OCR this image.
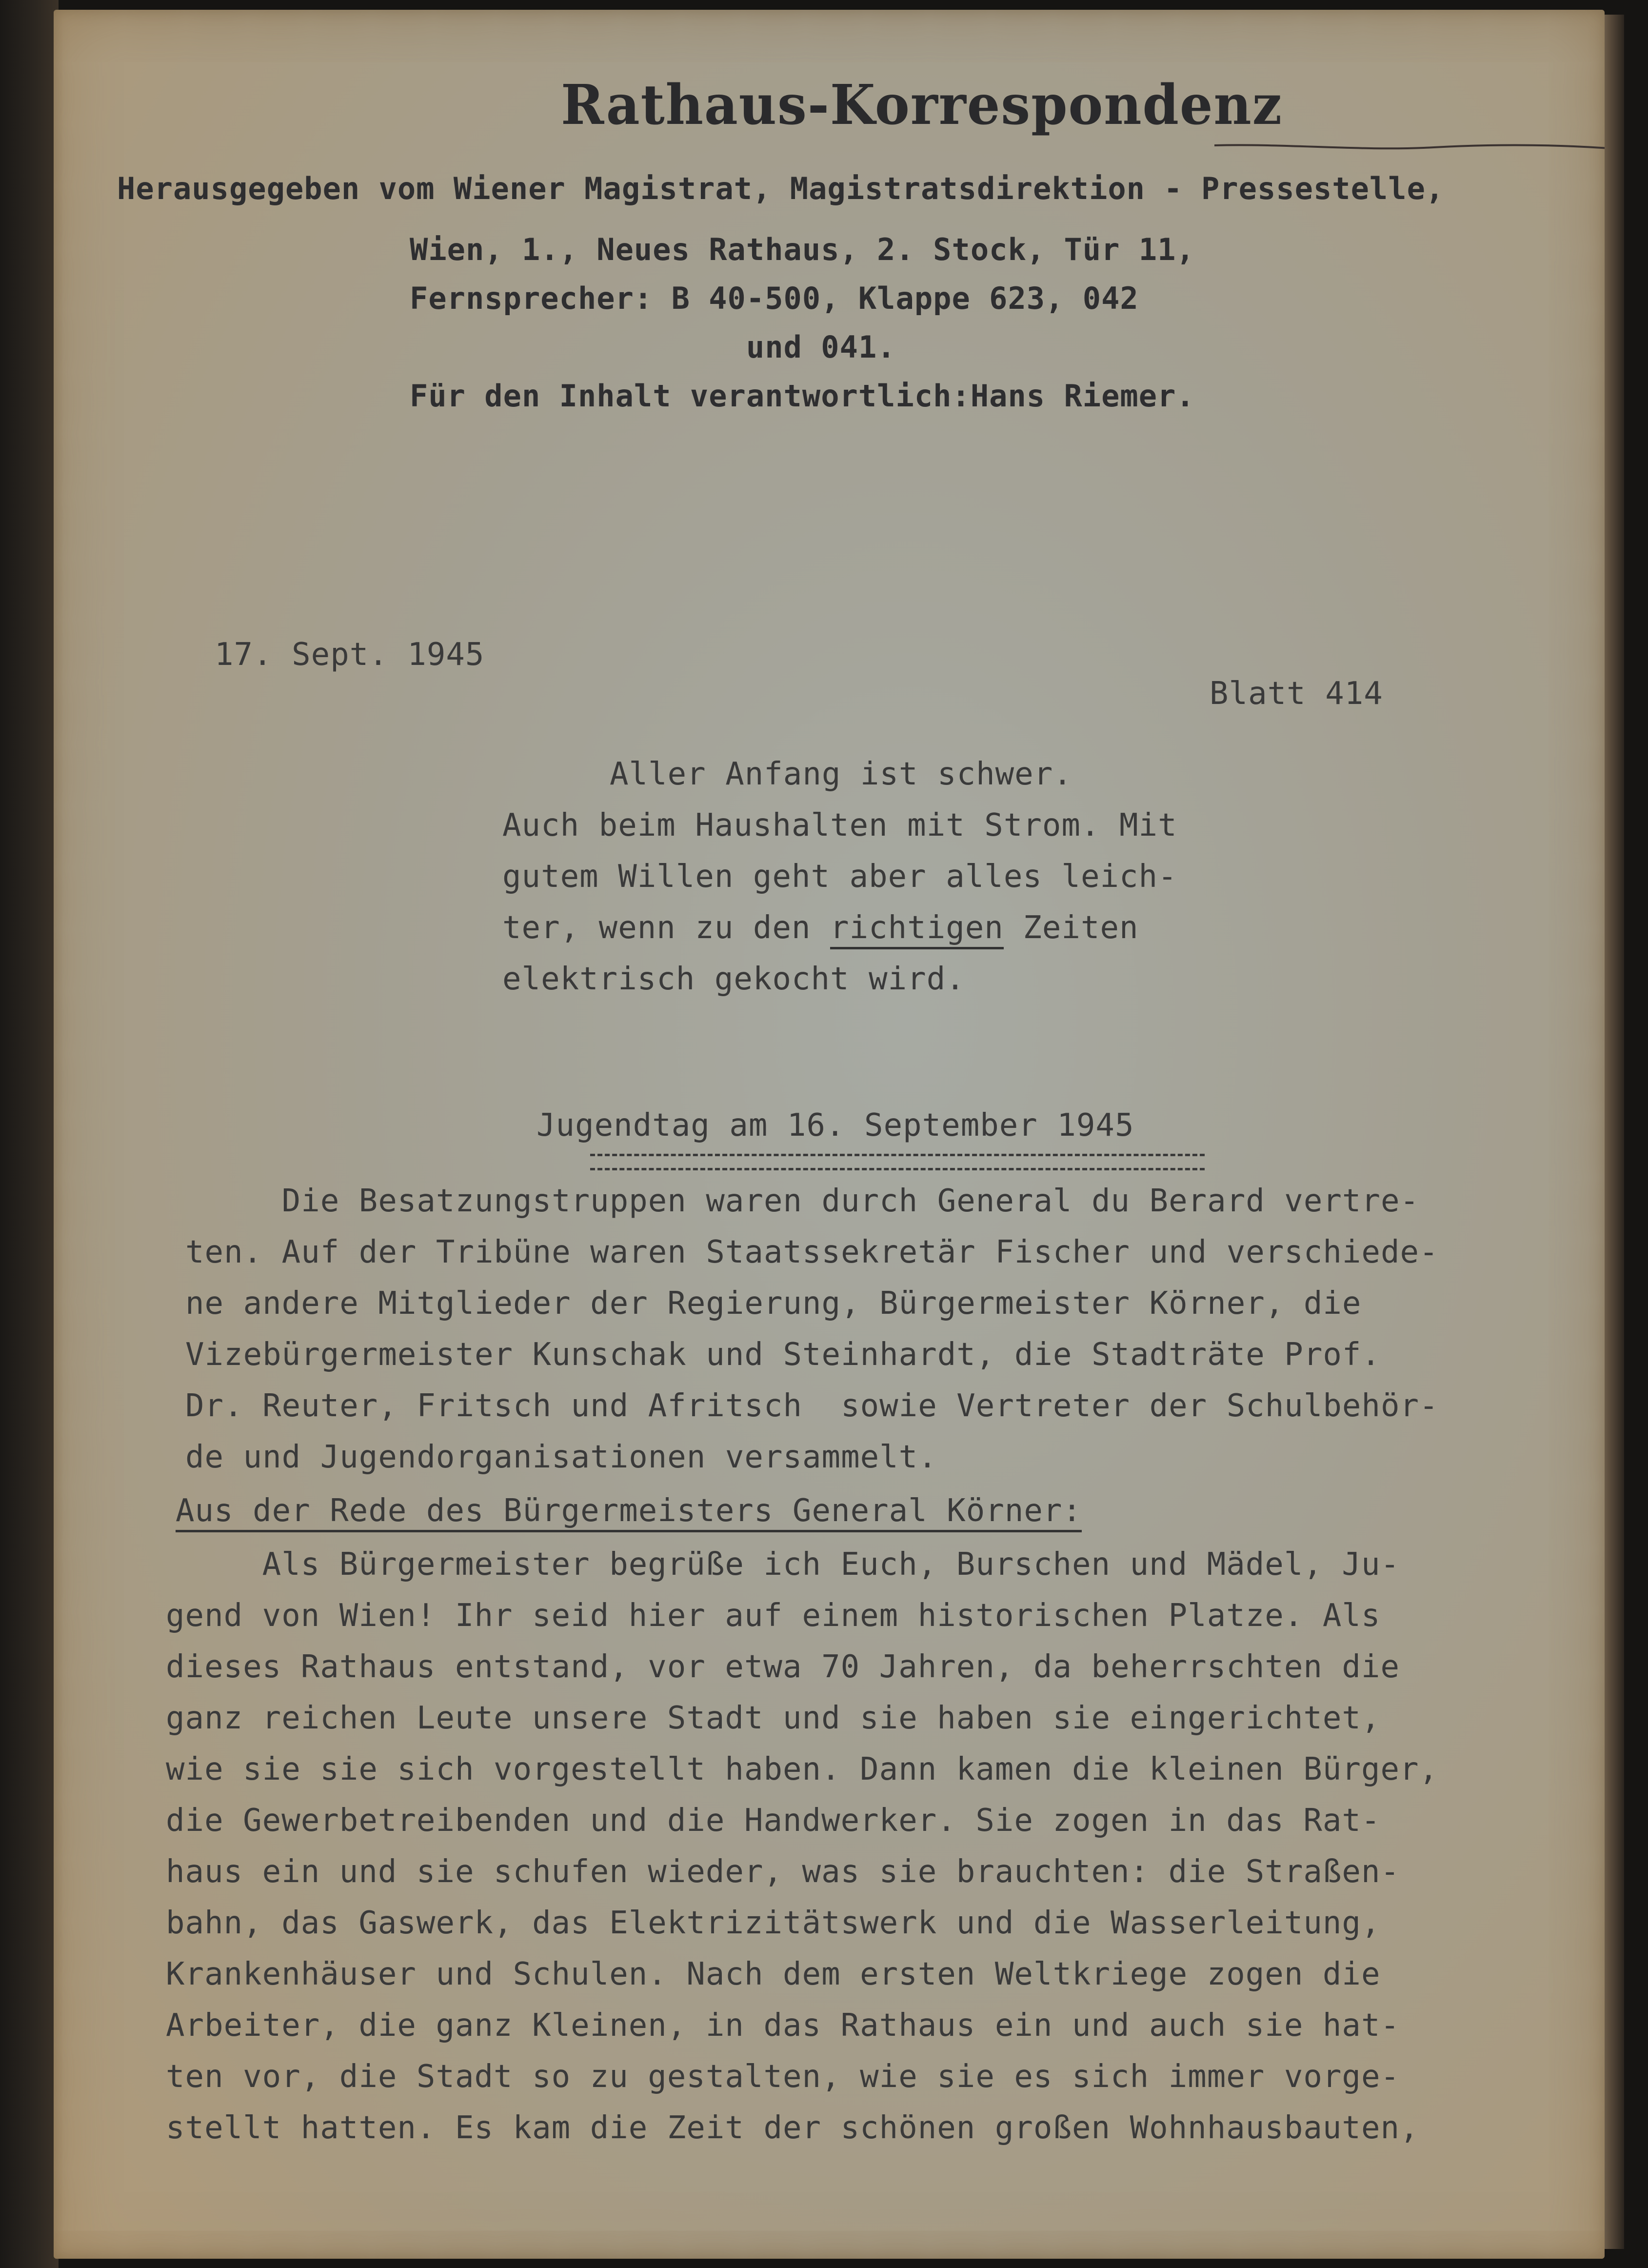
Rathaus-Korrespondenz
Herausgegeben vom Wiener Magistrat, Magistratsdirektion - Pressestelle,
Wien, 1., Neues Rathaus, 2. Stock, Tür 11,
Fernsprecher: B 40-500, Klappe 623, 042
und 041.
Für den Inhalt verantwortlich:Hans Riemer.
17. Sept. 1945
Blatt 414
Aller Anfang ist schwer.
Auch beim Haushalten mit Strom. Mit
gutem Willen geht aber alles leich-
ter, wenn zu den richtigen Zeiten
elektrisch gekocht wird.
Jugendtag am 16. September 1945
Die Besatzungstruppen waren durch General du Berard vertre-
ten. Auf der Tribüne waren Staatssekretär Fischer und verschiede-
ne andere Mitglieder der Regierung, Bürgermeister Körner, die
Vizebürgermeister Kunschak und Steinhardt, die Stadträte Prof.
Dr. Reuter, Fritsch und Afritsch  sowie Vertreter der Schulbehör-
de und Jugendorganisationen versammelt.
Aus der Rede des Bürgermeisters General Körner:
Als Bürgermeister begrüße ich Euch, Burschen und Mädel, Ju-
gend von Wien! Ihr seid hier auf einem historischen Platze. Als
dieses Rathaus entstand, vor etwa 70 Jahren, da beherrschten die
ganz reichen Leute unsere Stadt und sie haben sie eingerichtet,
wie sie sie sich vorgestellt haben. Dann kamen die kleinen Bürger,
die Gewerbetreibenden und die Handwerker. Sie zogen in das Rat-
haus ein und sie schufen wieder, was sie brauchten: die Straßen-
bahn, das Gaswerk, das Elektrizitätswerk und die Wasserleitung,
Krankenhäuser und Schulen. Nach dem ersten Weltkriege zogen die
Arbeiter, die ganz Kleinen, in das Rathaus ein und auch sie hat-
ten vor, die Stadt so zu gestalten, wie sie es sich immer vorge-
stellt hatten. Es kam die Zeit der schönen großen Wohnhausbauten,
